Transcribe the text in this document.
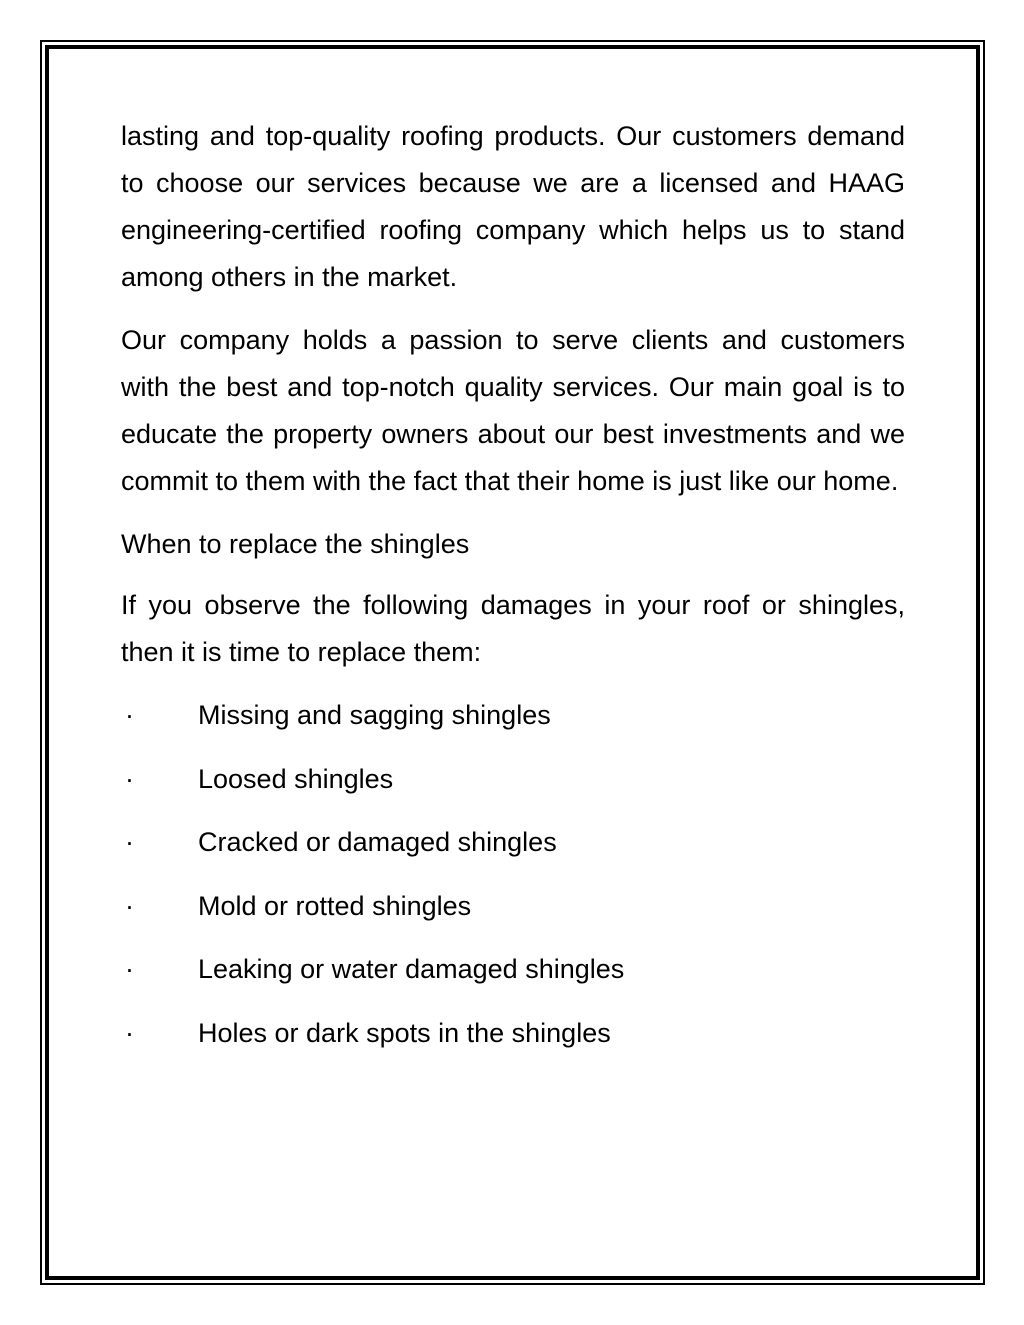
lasting and top-quality roofing products. Our customers demand to choose our services because we are a licensed and HAAG engineering-certified roofing company which helps us to stand among others in the market.

Our company holds a passion to serve clients and customers with the best and top-notch quality services. Our main goal is to educate the property owners about our best investments and we commit to them with the fact that their home is just like our home.

When to replace the shingles

If you observe the following damages in your roof or shingles, then it is time to replace them:

·	Missing and sagging shingles
·	Loosed shingles
·	Cracked or damaged shingles
·	Mold or rotted shingles
·	Leaking or water damaged shingles
·	Holes or dark spots in the shingles
